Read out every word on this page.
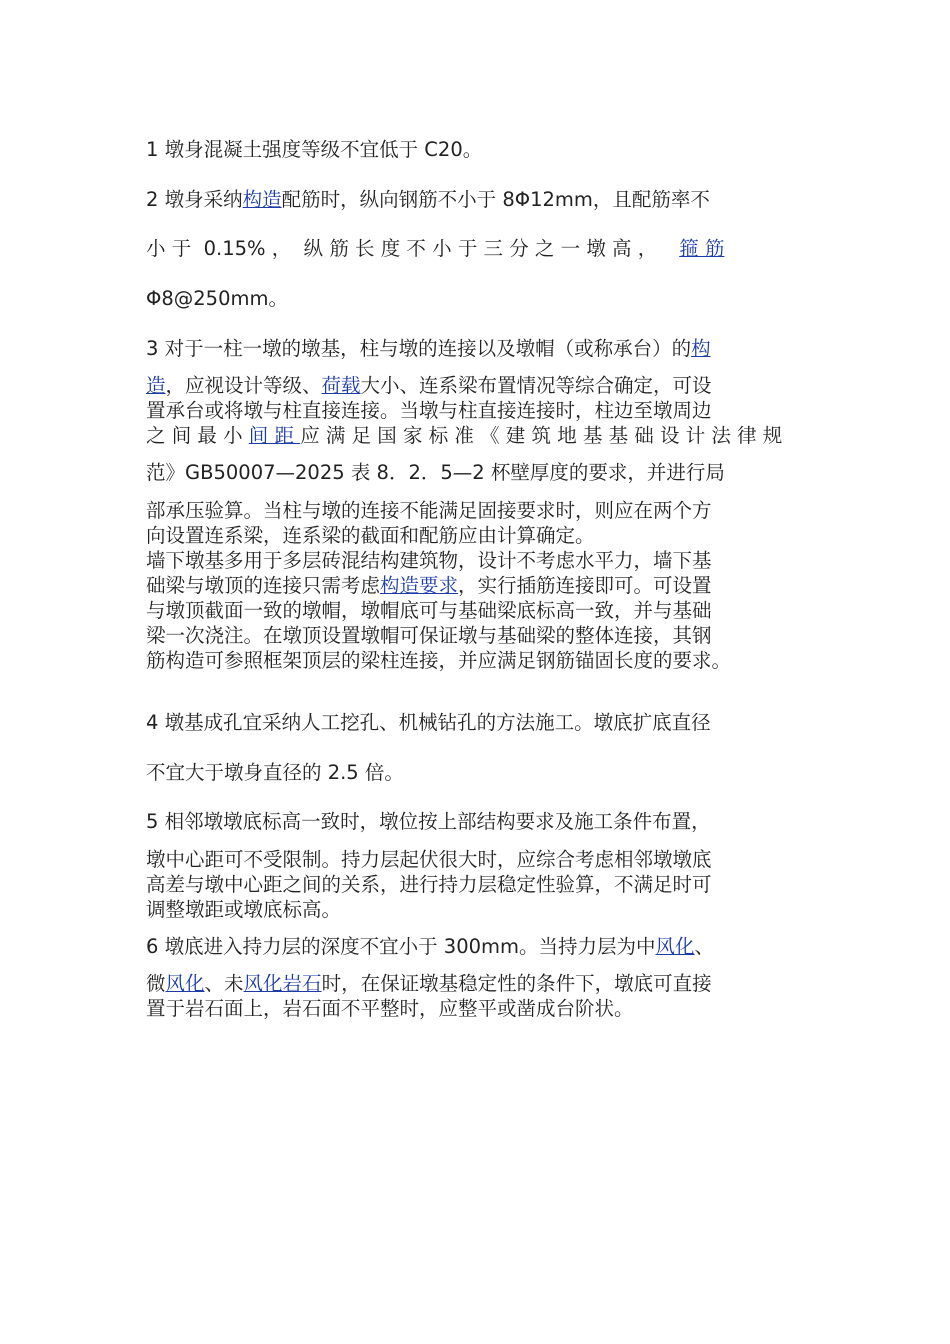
1 墩身混凝土强度等级不宜低于 C20。
2 墩身采纳构造配筋时，纵向钢筋不小于 8Φ12mm，且配筋率不
小 于  0.15% ，  纵 筋 长 度 不 小 于 三 分 之 一 墩 高 ， 箍 筋
Φ8@250mm。
3 对于一柱一墩的墩基，柱与墩的连接以及墩帽（或称承台）的构
造，应视设计等级、荷载大小、连系梁布置情况等综合确定，可设
置承台或将墩与柱直接连接。当墩与柱直接连接时，柱边至墩周边
之 间 最 小 间 距 应 满 足 国 家 标 准 《 建 筑 地 基 基 础 设 计 法 律 规
范》GB50007—2025 表 8．2．5—2 杯壁厚度的要求，并进行局
部承压验算。当柱与墩的连接不能满足固接要求时，则应在两个方
向设置连系梁，连系梁的截面和配筋应由计算确定。
墙下墩基多用于多层砖混结构建筑物，设计不考虑水平力，墙下基
础梁与墩顶的连接只需考虑构造要求，实行插筋连接即可。可设置
与墩顶截面一致的墩帽，墩帽底可与基础梁底标高一致，并与基础
梁一次浇注。在墩顶设置墩帽可保证墩与基础梁的整体连接，其钢
筋构造可参照框架顶层的梁柱连接，并应满足钢筋锚固长度的要求。
4 墩基成孔宜采纳人工挖孔、机械钻孔的方法施工。墩底扩底直径
不宜大于墩身直径的 2.5 倍。
5 相邻墩墩底标高一致时，墩位按上部结构要求及施工条件布置，
墩中心距可不受限制。持力层起伏很大时，应综合考虑相邻墩墩底
高差与墩中心距之间的关系，进行持力层稳定性验算，不满足时可
调整墩距或墩底标高。
6 墩底进入持力层的深度不宜小于 300mm。当持力层为中风化、
微风化、未风化岩石时，在保证墩基稳定性的条件下，墩底可直接
置于岩石面上，岩石面不平整时，应整平或凿成台阶状。
